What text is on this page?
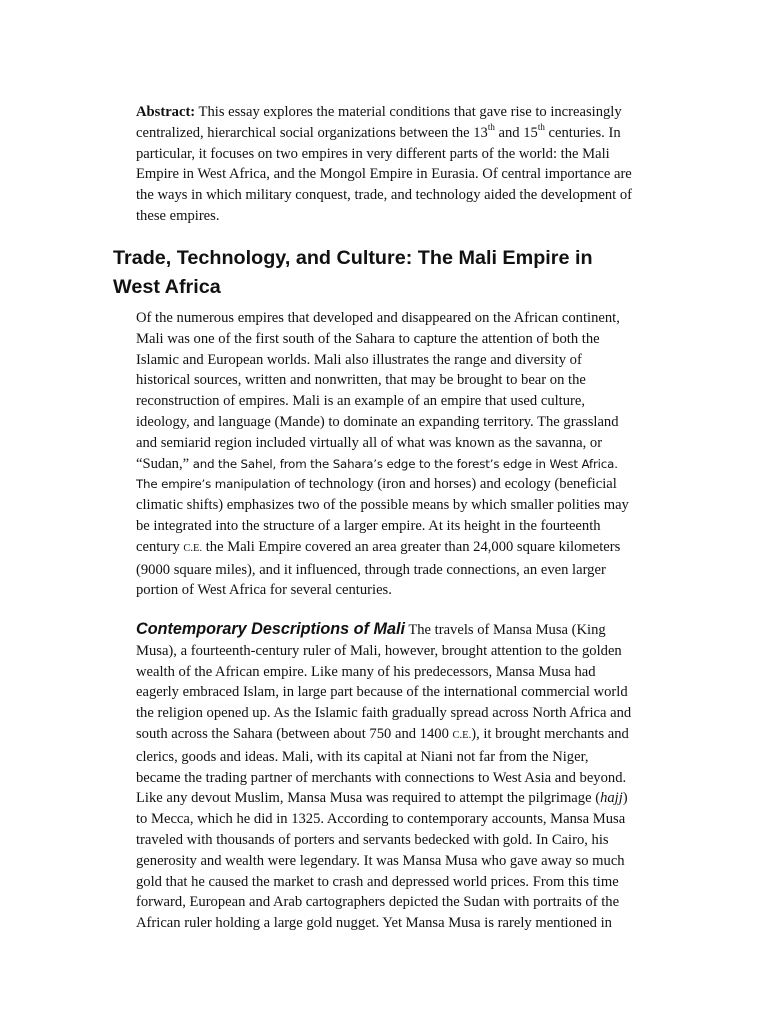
Abstract: This essay explores the material conditions that gave rise to increasingly
centralized, hierarchical social organizations between the 13th and 15th centuries. In
particular, it focuses on two empires in very different parts of the world: the Mali
Empire in West Africa, and the Mongol Empire in Eurasia. Of central importance are
the ways in which military conquest, trade, and technology aided the development of
these empires.
Trade, Technology, and Culture: The Mali Empire in
West Africa
Of the numerous empires that developed and disappeared on the African continent,
Mali was one of the first south of the Sahara to capture the attention of both the
Islamic and European worlds. Mali also illustrates the range and diversity of
historical sources, written and nonwritten, that may be brought to bear on the
reconstruction of empires. Mali is an example of an empire that used culture,
ideology, and language (Mande) to dominate an expanding territory. The grassland
and semiarid region included virtually all of what was known as the savanna, or
“Sudan,” and the Sahel, from the Sahara’s edge to the forest’s edge in West Africa.
The empire’s manipulation of technology (iron and horses) and ecology (beneficial
climatic shifts) emphasizes two of the possible means by which smaller polities may
be integrated into the structure of a larger empire. At its height in the fourteenth
century C.E. the Mali Empire covered an area greater than 24,000 square kilometers
(9000 square miles), and it influenced, through trade connections, an even larger
portion of West Africa for several centuries.
Contemporary Descriptions of Mali The travels of Mansa Musa (King
Musa), a fourteenth-century ruler of Mali, however, brought attention to the golden
wealth of the African empire. Like many of his predecessors, Mansa Musa had
eagerly embraced Islam, in large part because of the international commercial world
the religion opened up. As the Islamic faith gradually spread across North Africa and
south across the Sahara (between about 750 and 1400 C.E.), it brought merchants and
clerics, goods and ideas. Mali, with its capital at Niani not far from the Niger,
became the trading partner of merchants with connections to West Asia and beyond.
Like any devout Muslim, Mansa Musa was required to attempt the pilgrimage (hajj)
to Mecca, which he did in 1325. According to contemporary accounts, Mansa Musa
traveled with thousands of porters and servants bedecked with gold. In Cairo, his
generosity and wealth were legendary. It was Mansa Musa who gave away so much
gold that he caused the market to crash and depressed world prices. From this time
forward, European and Arab cartographers depicted the Sudan with portraits of the
African ruler holding a large gold nugget. Yet Mansa Musa is rarely mentioned in
